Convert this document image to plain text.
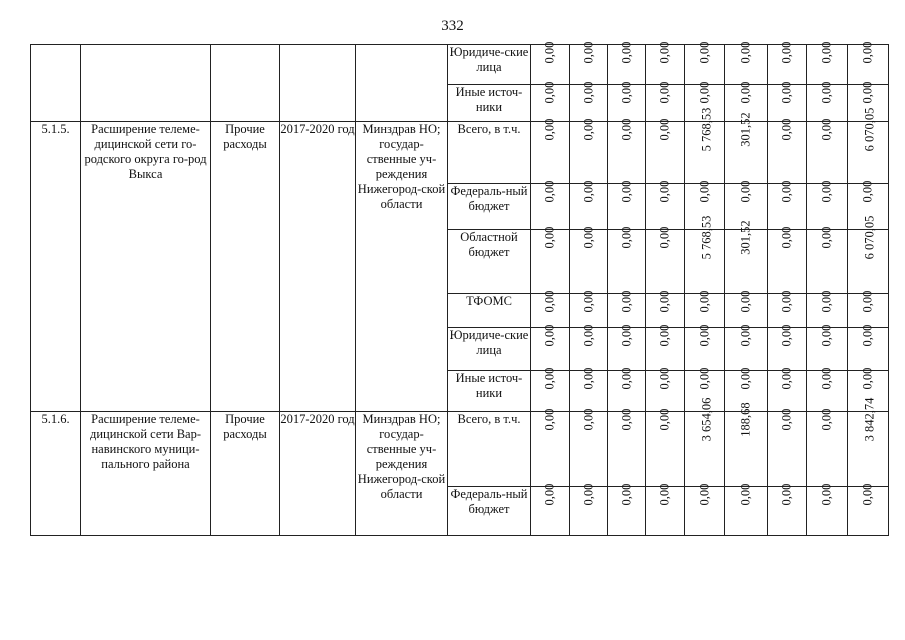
332
					Юридиче-ские лица	0,00	0,00	0,00	0,00	0,00	0,00	0,00	0,00	0,00
					Иные источ-ники	0,00	0,00	0,00	0,00	0,00	0,00	0,00	0,00	0,00
5.1.5.	Расширение телеме-дицинской сети го-родского округа го-род Выкса	Прочие расходы	2017-2020 год	Минздрав НО; государ-ственные уч-реждения Нижегород-ской области	Всего, в т.ч.	0,00	0,00	0,00	0,00	5 768,53	301,52	0,00	0,00	6 070,05
					Федераль-ный бюджет	0,00	0,00	0,00	0,00	0,00	0,00	0,00	0,00	0,00
					Областной бюджет	0,00	0,00	0,00	0,00	5 768,53	301,52	0,00	0,00	6 070,05
					ТФОМС	0,00	0,00	0,00	0,00	0,00	0,00	0,00	0,00	0,00
					Юридиче-ские лица	0,00	0,00	0,00	0,00	0,00	0,00	0,00	0,00	0,00
					Иные источ-ники	0,00	0,00	0,00	0,00	0,00	0,00	0,00	0,00	0,00
5.1.6.	Расширение телеме-дицинской сети Вар-навинского муници-пального района	Прочие расходы	2017-2020 год	Минздрав НО; государ-ственные уч-реждения Нижегород-ской области	Всего, в т.ч.	0,00	0,00	0,00	0,00	3 654,06	188,68	0,00	0,00	3 842,74
					Федераль-ный бюджет	0,00	0,00	0,00	0,00	0,00	0,00	0,00	0,00	0,00
